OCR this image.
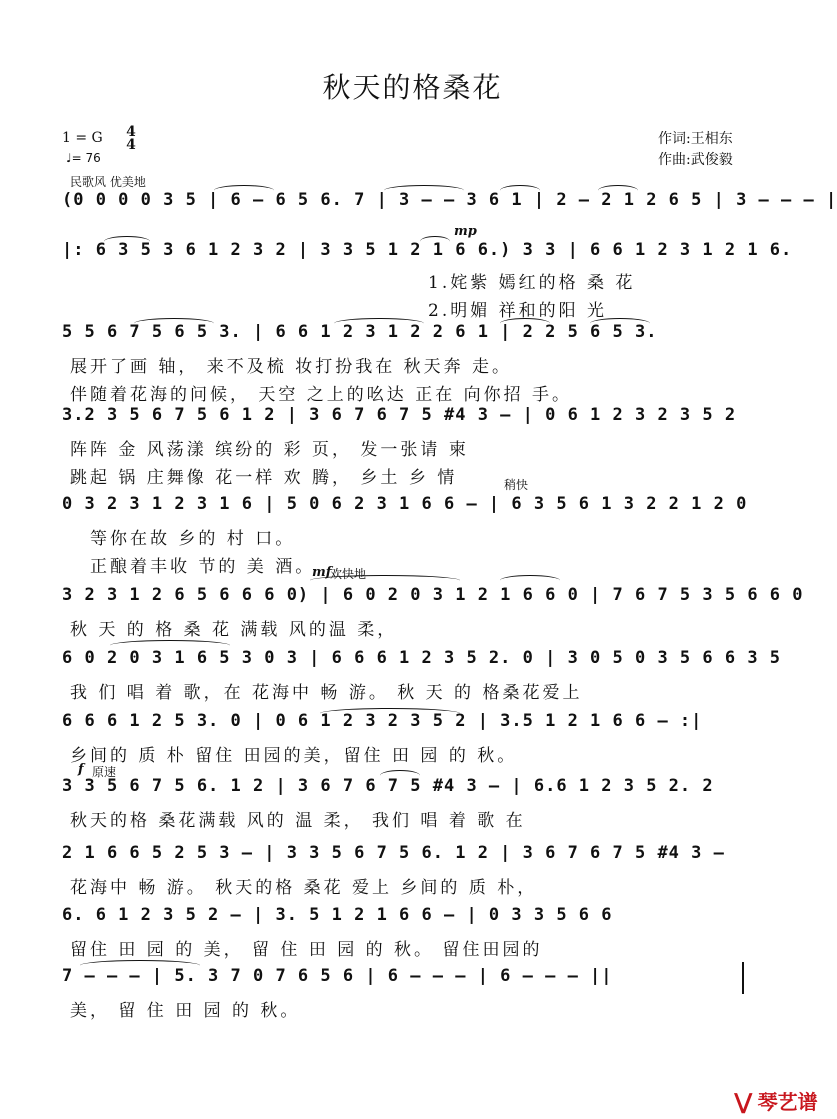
秋天的格桑花
1 = G 4
4
♩= 76
作词:王相东
作曲:武俊毅
民歌风 优美地
mp
稍快
mf
欢快地
f 原速
(0 0 0 0 3 5 | 6 – 6 5 6. 7 | 3 – – 3 6 1 | 2 – 2 1 2 6 5 | 3 – – – |
|: 6 3 5 3 6 1 2 3 2 | 3 3 5 1 2 1 6 6.) 3 3 | 6 6 1 2 3 1 2 1 6.
1.姹紫 嫣红的格 桑 花
2.明媚 祥和的阳 光
5 5 6 7 5 6 5 3. | 6 6 1 2 3 1 2 2 6 1 | 2 2 5 6 5 3.
展开了画 轴， 来不及梳 妆打扮我在 秋天奔 走。
伴随着花海的问候， 天空 之上的吆达 正在 向你招 手。
3.2 3 5 6 7 5 6 1 2 | 3 6 7 6 7 5 #4 3 – | 0 6 1 2 3 2 3 5 2
阵阵 金 风荡漾 缤纷的 彩 页， 发一张请 柬
跳起 锅 庄舞像 花一样 欢 腾， 乡土 乡 情
0 3 2 3 1 2 3 1 6 | 5 0 6 2 3 1 6 6 – | 6 3 5 6 1 3 2 2 1 2 0
等你在故 乡的 村 口。
正酿着丰收 节的 美 酒。
3 2 3 1 2 6 5 6 6 6 0) | 6 0 2 0 3 1 2 1 6 6 0 | 7 6 7 5 3 5 6 6 0
秋 天 的 格 桑 花 满载 风的温 柔，
6 0 2 0 3 1 6 5 3 0 3 | 6 6 6 1 2 3 5 2. 0 | 3 0 5 0 3 5 6 6 3 5
我 们 唱 着 歌，在 花海中 畅 游。 秋 天 的 格桑花爱上
6 6 6 1 2 5 3. 0 | 0 6 1 2 3 2 3 5 2 | 3.5 1 2 1 6 6 – :|
乡间的 质 朴 留住 田园的美，留住 田 园 的 秋。
3 3 5 6 7 5 6. 1 2 | 3 6 7 6 7 5 #4 3 – | 6.6 1 2 3 5 2. 2
秋天的格 桑花满载 风的 温 柔， 我们 唱 着 歌 在
2 1 6 6 5 2 5 3 – | 3 3 5 6 7 5 6. 1 2 | 3 6 7 6 7 5 #4 3 –
花海中 畅 游。 秋天的格 桑花 爱上 乡间的 质 朴，
6. 6 1 2 3 5 2 – | 3. 5 1 2 1 6 6 – | 0 3 3 5 6 6
留住 田 园 的 美， 留 住 田 园 的 秋。 留住田园的
7 – – – | 5. 3 7 0 7 6 5 6 | 6 – – – | 6 – – – ||
美， 留 住 田 园 的 秋。
⋁ 琴艺谱
